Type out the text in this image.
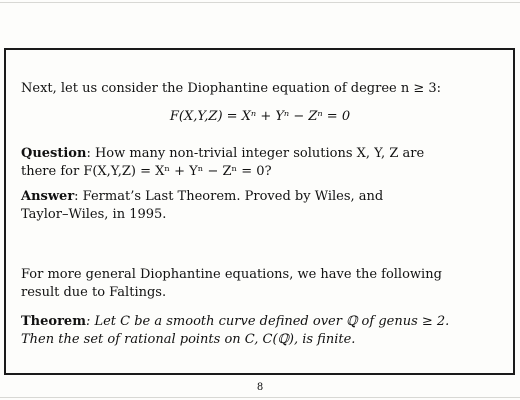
Next, let us consider the Diophantine equation of degree n ≥ 3:

F(X,Y,Z) = Xⁿ + Yⁿ − Zⁿ = 0

Question: How many non-trivial integer solutions X, Y, Z are

there for F(X,Y,Z) = Xⁿ + Yⁿ − Zⁿ = 0?

Answer: Fermat’s Last Theorem. Proved by Wiles, and

Taylor–Wiles, in 1995.

For more general Diophantine equations, we have the following

result due to Faltings.

Theorem: Let C be a smooth curve defined over ℚ of genus ≥ 2.

Then the set of rational points on C, C(ℚ), is finite.

8
